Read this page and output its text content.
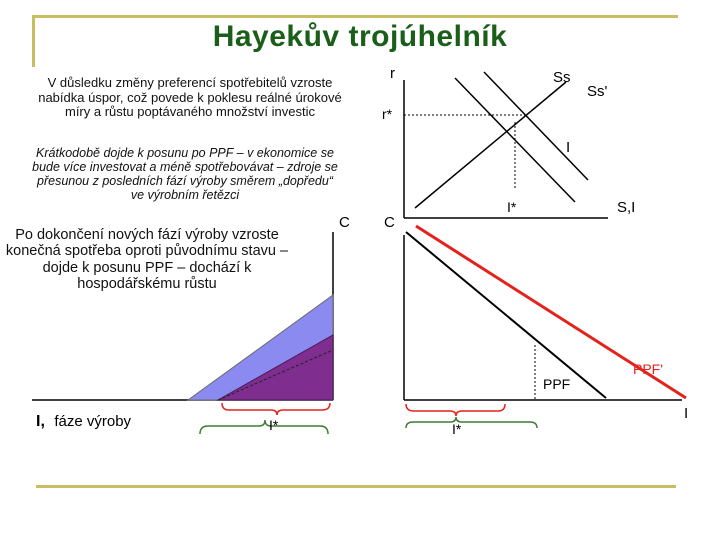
Hayekův trojúhelník
V důsledku změny preferencí spotřebitelů vzroste nabídka úspor, což povede k poklesu reálné úrokové míry a růstu poptávaného množství investic
Krátkodobě dojde k posunu po PPF – v ekonomice se bude více investovat a méně spotřebovávat – zdroje se přesunou z posledních fází výroby směrem „dopředu“ ve výrobním řetězci
Po dokončení nových fází výroby vzroste konečná spotřeba oproti původnímu stavu – dojde k posunu PPF – dochází k hospodářskému růstu
r
S,I
Ss
Ss'
I
r*
I*
C
I
PPF
PPF'
I*
C
I*
I, fáze výroby
